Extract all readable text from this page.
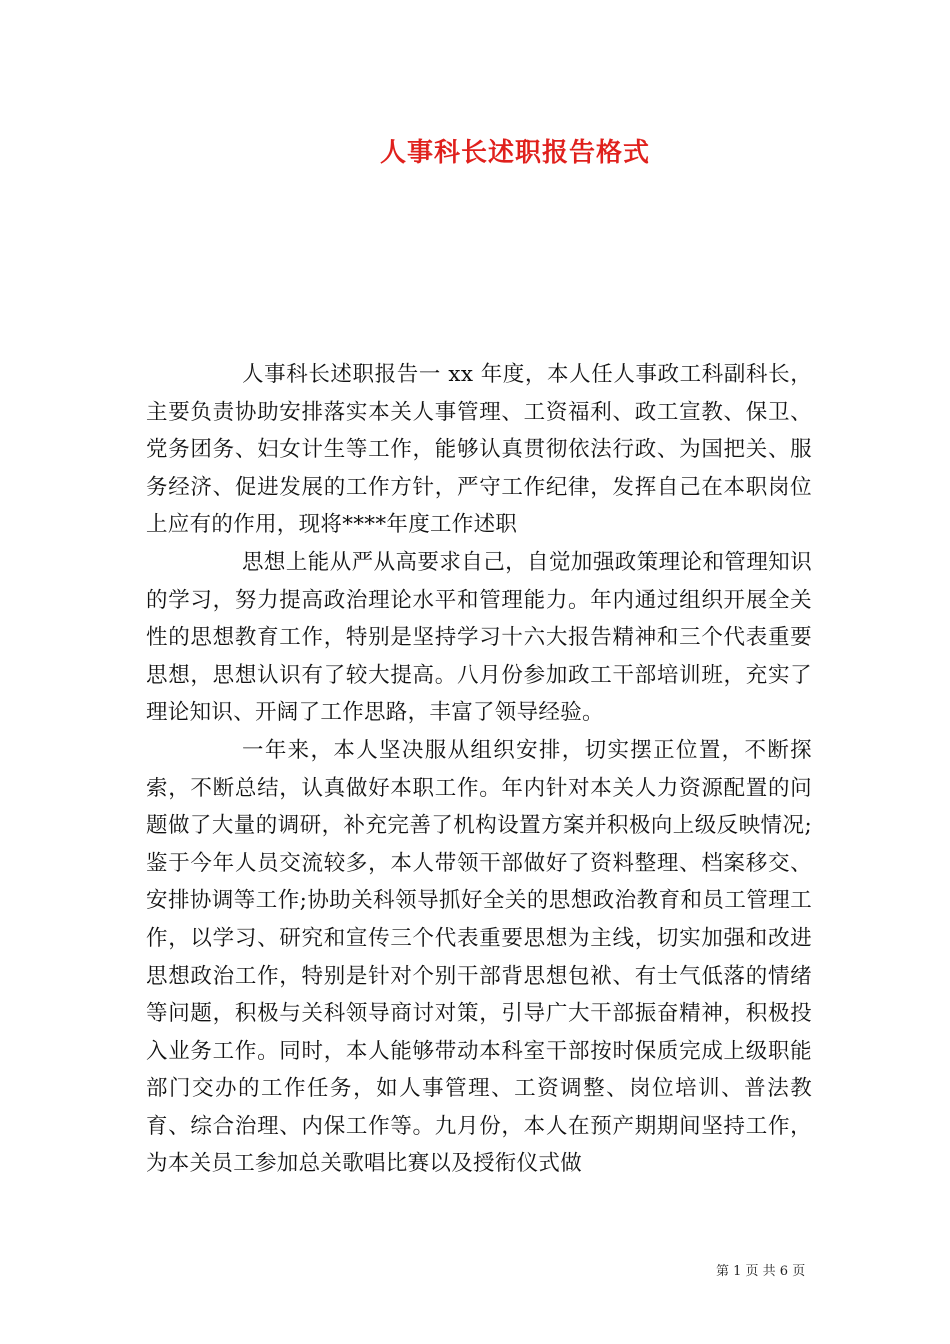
人事科长述职报告格式

人事科长述职报告一 xx 年度，本人任人事政工科副科长，主要负责协助安排落实本关人事管理、工资福利、政工宣教、保卫、党务团务、妇女计生等工作，能够认真贯彻依法行政、为国把关、服务经济、促进发展的工作方针，严守工作纪律，发挥自己在本职岗位上应有的作用，现将****年度工作述职

思想上能从严从高要求自己，自觉加强政策理论和管理知识的学习，努力提高政治理论水平和管理能力。年内通过组织开展全关性的思想教育工作，特别是坚持学习十六大报告精神和三个代表重要思想，思想认识有了较大提高。八月份参加政工干部培训班，充实了理论知识、开阔了工作思路，丰富了领导经验。

一年来，本人坚决服从组织安排，切实摆正位置，不断探索，不断总结，认真做好本职工作。年内针对本关人力资源配置的问题做了大量的调研，补充完善了机构设置方案并积极向上级反映情况;鉴于今年人员交流较多，本人带领干部做好了资料整理、档案移交、安排协调等工作;协助关科领导抓好全关的思想政治教育和员工管理工作，以学习、研究和宣传三个代表重要思想为主线，切实加强和改进思想政治工作，特别是针对个别干部背思想包袱、有士气低落的情绪等问题，积极与关科领导商讨对策，引导广大干部振奋精神，积极投入业务工作。同时，本人能够带动本科室干部按时保质完成上级职能部门交办的工作任务，如人事管理、工资调整、岗位培训、普法教育、综合治理、内保工作等。九月份，本人在预产期期间坚持工作，为本关员工参加总关歌唱比赛以及授衔仪式做

第 1 页 共 6 页
